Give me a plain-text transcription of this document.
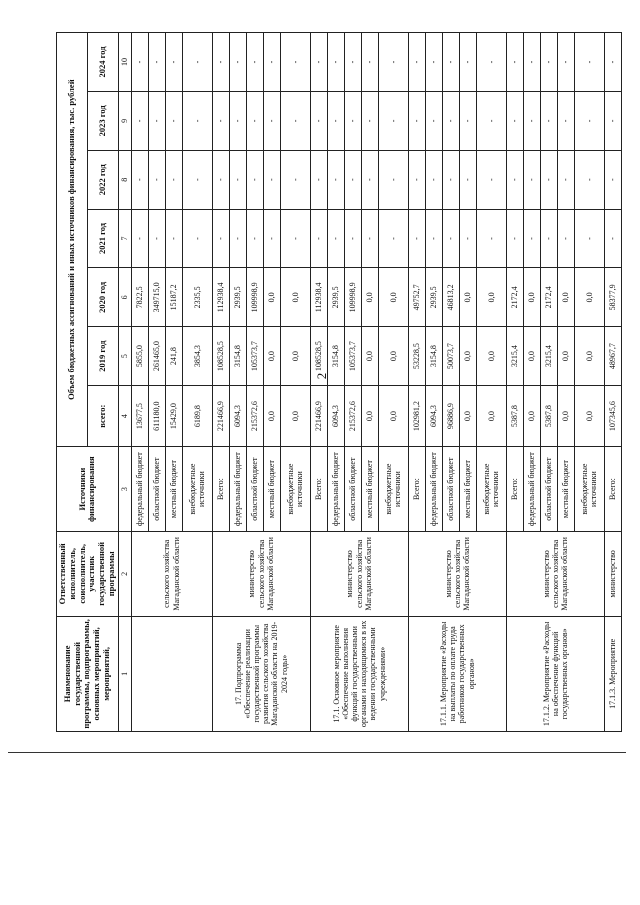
2
Наименование государственной программы, подпрограммы, основных мероприятий, мероприятий,	Ответственный исполнитель, соисполнитель, участник государственной программы	Источники финансирования	Объем бюджетных ассигнований и иных источников финансирования, тыс. рублей						
			всего:	2019 год	2020 год	2021 год	2022 год	2023 год	2024 год
1	2	3	4	5	6	7	8	9	10
	сельского хозяйства Магаданской области	федеральный бюджет	13677,5	5855,0	7822,5	-	-	-	-
		областной бюджет	611180,0	261465,0	349715,0	-	-	-	-
		местный бюджет	15429,0	241,8	15187,2	-	-	-	-
		внебюджетные источники	6189,8	3854,3	2335,5	-	-	-	-
17. Подпрограмма «Обеспечение реализации государственной программы развития сельского хозяйства Магаданской области на 2019-2024 годы»	министерство сельского хозяйства Магаданской области	Всего:	221466,9	108528,5	112938,4	-	-	-	-
		федеральный бюджет	6094,3	3154,8	2939,5	-	-	-	-
		областной бюджет	215372,6	105373,7	109998,9	-	-	-	-
		местный бюджет	0,0	0,0	0,0	-	-	-	-
		внебюджетные источники	0,0	0,0	0,0	-	-	-	-
17.1. Основное мероприятие «Обеспечение выполнения функций государственными органами и находящимися в их ведении государственными учреждениями»	министерство сельского хозяйства Магаданской области	Всего:	221466,9	108528,5	112938,4	-	-	-	-
		федеральный бюджет	6094,3	3154,8	2939,5	-	-	-	-
		областной бюджет	215372,6	105373,7	109998,9	-	-	-	-
		местный бюджет	0,0	0,0	0,0	-	-	-	-
		внебюджетные источники	0,0	0,0	0,0	-	-	-	-
17.1.1. Мероприятие «Расходы на выплаты по оплате труда работников государственных органов»	министерство сельского хозяйства Магаданской области	Всего:	102981,2	53228,5	49752,7	-	-	-	-
		федеральный бюджет	6094,3	3154,8	2939,5	-	-	-	-
		областной бюджет	96886,9	50073,7	46813,2	-	-	-	-
		местный бюджет	0,0	0,0	0,0	-	-	-	-
		внебюджетные источники	0,0	0,0	0,0	-	-	-	-
17.1.2. Мероприятие «Расходы на обеспечение функций государственных органов»	министерство сельского хозяйства Магаданской области	Всего:	5387,8	3215,4	2172,4	-	-	-	-
		федеральный бюджет	0,0	0,0	0,0	-	-	-	-
		областной бюджет	5387,8	3215,4	2172,4	-	-	-	-
		местный бюджет	0,0	0,0	0,0	-	-	-	-
		внебюджетные источники	0,0	0,0	0,0	-	-	-	-
17.1.3. Мероприятие	министерство	Всего:	107345,6	48967,7	58377,9	-	-	-	-
